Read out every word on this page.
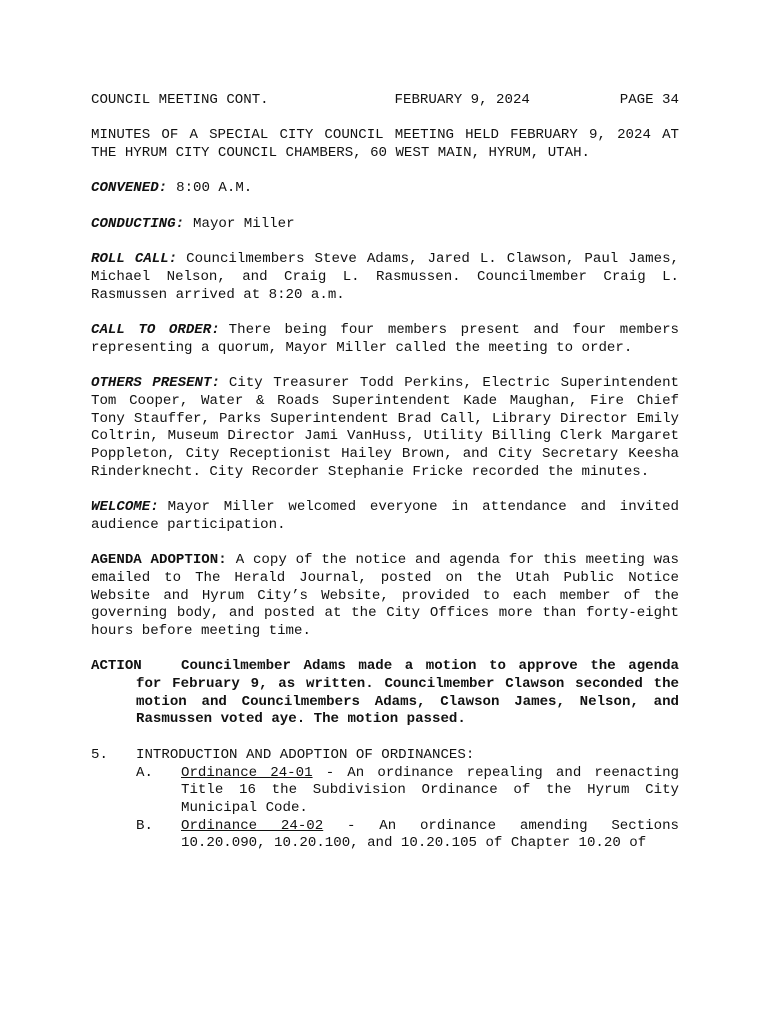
COUNCIL MEETING CONT.	FEBRUARY 9, 2024	PAGE 34

MINUTES OF A SPECIAL CITY COUNCIL MEETING HELD FEBRUARY 9, 2024 AT THE HYRUM CITY COUNCIL CHAMBERS, 60 WEST MAIN, HYRUM, UTAH.

CONVENED: 8:00 A.M.

CONDUCTING: Mayor Miller

ROLL CALL: Councilmembers Steve Adams, Jared L. Clawson, Paul James, Michael Nelson, and Craig L. Rasmussen. Councilmember Craig L. Rasmussen arrived at 8:20 a.m.

CALL TO ORDER: There being four members present and four members representing a quorum, Mayor Miller called the meeting to order.

OTHERS PRESENT: City Treasurer Todd Perkins, Electric Superintendent Tom Cooper, Water & Roads Superintendent Kade Maughan, Fire Chief Tony Stauffer, Parks Superintendent Brad Call, Library Director Emily Coltrin, Museum Director Jami VanHuss, Utility Billing Clerk Margaret Poppleton, City Receptionist Hailey Brown, and City Secretary Keesha Rinderknecht. City Recorder Stephanie Fricke recorded the minutes.

WELCOME: Mayor Miller welcomed everyone in attendance and invited audience participation.

AGENDA ADOPTION: A copy of the notice and agenda for this meeting was emailed to The Herald Journal, posted on the Utah Public Notice Website and Hyrum City’s Website, provided to each member of the governing body, and posted at the City Offices more than forty-eight hours before meeting time.

ACTION	Councilmember Adams made a motion to approve the agenda for February 9, as written. Councilmember Clawson seconded the motion and Councilmembers Adams, Clawson James, Nelson, and Rasmussen voted aye. The motion passed.
5.	INTRODUCTION AND ADOPTION OF ORDINANCES:
A.	Ordinance 24-01 - An ordinance repealing and reenacting Title 16 the Subdivision Ordinance of the Hyrum City Municipal Code.
B.	Ordinance 24-02 - An ordinance amending Sections 10.20.090, 10.20.100, and 10.20.105 of Chapter 10.20 of
